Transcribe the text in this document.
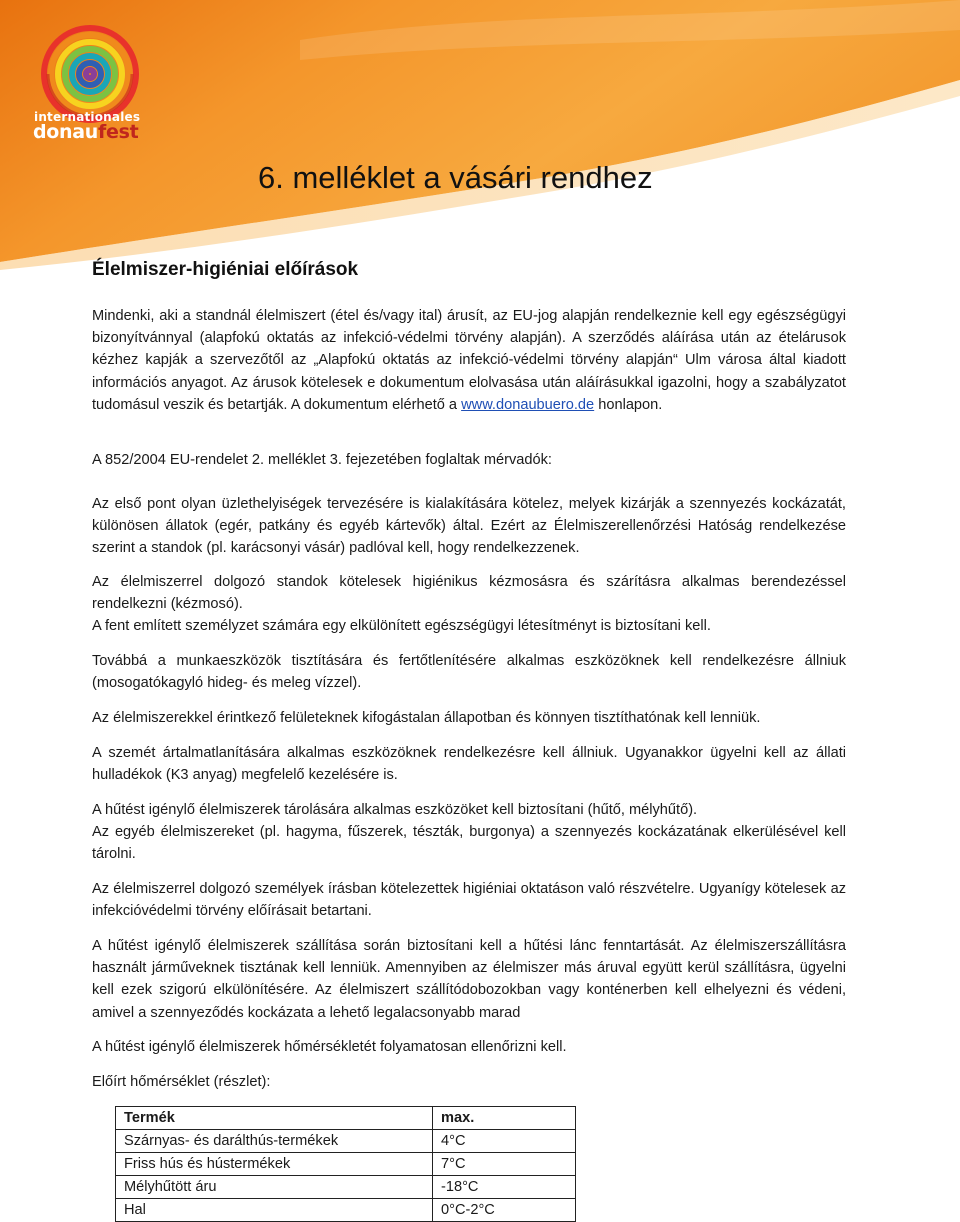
internationales
donaufest
6. melléklet a vásári rendhez
Élelmiszer-higiéniai előírások

Mindenki, aki a standnál élelmiszert (étel és/vagy ital) árusít, az EU-jog alapján rendelkeznie kell egy egészségügyi bizonyítvánnyal (alapfokú oktatás az infekció-védelmi törvény alapján). A szerződés aláírása után az ételárusok kézhez kapják a szervezőtől az „Alapfokú oktatás az infekció-védelmi törvény alapján“ Ulm városa által kiadott információs anyagot. Az árusok kötelesek e dokumentum elolvasása után aláírásukkal igazolni, hogy a szabályzatot tudomásul veszik és betartják. A dokumentum elérhető a www.donaubuero.de honlapon.

A 852/2004 EU-rendelet 2. melléklet 3. fejezetében foglaltak mérvadók:

Az első pont olyan üzlethelyiségek tervezésére is kialakítására kötelez, melyek kizárják a szennyezés kockázatát, különösen állatok (egér, patkány és egyéb kártevők) által. Ezért az Élelmiszerellenőrzési Hatóság rendelkezése szerint a standok (pl. karácsonyi vásár) padlóval kell, hogy rendelkezzenek.

Az élelmiszerrel dolgozó standok kötelesek higiénikus kézmosásra és szárításra alkalmas berendezéssel rendelkezni (kézmosó).

A fent említett személyzet számára egy elkülönített egészségügyi létesítményt is biztosítani kell.

Továbbá a munkaeszközök tisztítására és fertőtlenítésére alkalmas eszközöknek kell rendelkezésre állniuk (mosogatókagyló hideg- és meleg vízzel).

Az élelmiszerekkel érintkező felületeknek kifogástalan állapotban és könnyen tisztíthatónak kell lenniük.

A szemét ártalmatlanítására alkalmas eszközöknek rendelkezésre kell állniuk. Ugyanakkor ügyelni kell az állati hulladékok (K3 anyag) megfelelő kezelésére is.

A hűtést igénylő élelmiszerek tárolására alkalmas eszközöket kell biztosítani (hűtő, mélyhűtő).

Az egyéb élelmiszereket (pl. hagyma, fűszerek, tészták, burgonya) a szennyezés kockázatának elkerülésével kell tárolni.

Az élelmiszerrel dolgozó személyek írásban kötelezettek higiéniai oktatáson való részvételre. Ugyanígy kötelesek az infekcióvédelmi törvény előírásait betartani.

A hűtést igénylő élelmiszerek szállítása során biztosítani kell a hűtési lánc fenntartását. Az élelmiszerszállításra használt járműveknek tisztának kell lenniük. Amennyiben az élelmiszer más áruval együtt kerül szállításra, ügyelni kell ezek szigorú elkülönítésére. Az élelmiszert szállítódobozokban vagy konténerben kell elhelyezni és védeni, amivel a szennyeződés kockázata a lehető legalacsonyabb marad

A hűtést igénylő élelmiszerek hőmérsékletét folyamatosan ellenőrizni kell.

Előírt hőmérséklet (részlet):

Termék	max.
Szárnyas- és darálthús-termékek	4°C
Friss hús és hústermékek	7°C
Mélyhűtött áru	-18°C
Hal	0°C-2°C
